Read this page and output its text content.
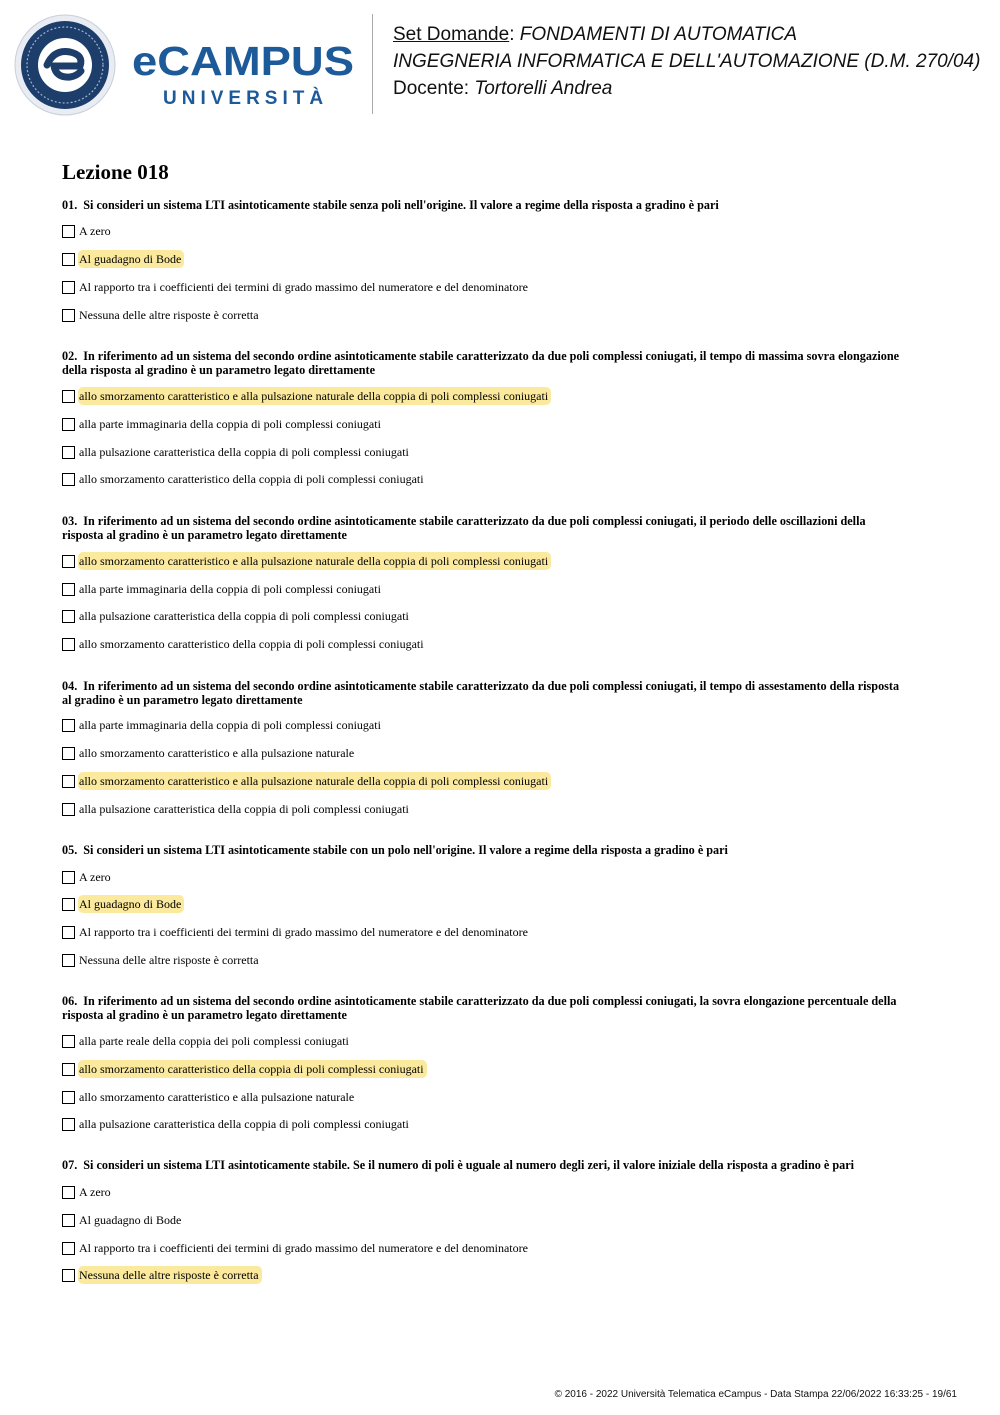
eCAMPUS
UNIVERSITÀ
Set Domande: FONDAMENTI DI AUTOMATICA
INGEGNERIA INFORMATICA E DELL'AUTOMAZIONE (D.M. 270/04)
Docente: Tortorelli Andrea
Lezione 018

01. Si consideri un sistema LTI asintoticamente stabile senza poli nell'origine. Il valore a regime della risposta a gradino è pari

A zero
Al guadagno di Bode
Al rapporto tra i coefficienti dei termini di grado massimo del numeratore e del denominatore
Nessuna delle altre risposte è corretta

02. In riferimento ad un sistema del secondo ordine asintoticamente stabile caratterizzato da due poli complessi coniugati, il tempo di massima sovra elongazione
della risposta al gradino è un parametro legato direttamente

allo smorzamento caratteristico e alla pulsazione naturale della coppia di poli complessi coniugati
alla parte immaginaria della coppia di poli complessi coniugati
alla pulsazione caratteristica della coppia di poli complessi coniugati
allo smorzamento caratteristico della coppia di poli complessi coniugati

03. In riferimento ad un sistema del secondo ordine asintoticamente stabile caratterizzato da due poli complessi coniugati, il periodo delle oscillazioni della
risposta al gradino è un parametro legato direttamente

allo smorzamento caratteristico e alla pulsazione naturale della coppia di poli complessi coniugati
alla parte immaginaria della coppia di poli complessi coniugati
alla pulsazione caratteristica della coppia di poli complessi coniugati
allo smorzamento caratteristico della coppia di poli complessi coniugati

04. In riferimento ad un sistema del secondo ordine asintoticamente stabile caratterizzato da due poli complessi coniugati, il tempo di assestamento della risposta
al gradino è un parametro legato direttamente

alla parte immaginaria della coppia di poli complessi coniugati
allo smorzamento caratteristico e alla pulsazione naturale
allo smorzamento caratteristico e alla pulsazione naturale della coppia di poli complessi coniugati
alla pulsazione caratteristica della coppia di poli complessi coniugati

05. Si consideri un sistema LTI asintoticamente stabile con un polo nell'origine. Il valore a regime della risposta a gradino è pari

A zero
Al guadagno di Bode
Al rapporto tra i coefficienti dei termini di grado massimo del numeratore e del denominatore
Nessuna delle altre risposte è corretta

06. In riferimento ad un sistema del secondo ordine asintoticamente stabile caratterizzato da due poli complessi coniugati, la sovra elongazione percentuale della
risposta al gradino è un parametro legato direttamente

alla parte reale della coppia dei poli complessi coniugati
allo smorzamento caratteristico della coppia di poli complessi coniugati
allo smorzamento caratteristico e alla pulsazione naturale
alla pulsazione caratteristica della coppia di poli complessi coniugati

07. Si consideri un sistema LTI asintoticamente stabile. Se il numero di poli è uguale al numero degli zeri, il valore iniziale della risposta a gradino è pari

A zero
Al guadagno di Bode
Al rapporto tra i coefficienti dei termini di grado massimo del numeratore e del denominatore
Nessuna delle altre risposte è corretta
© 2016 - 2022 Università Telematica eCampus - Data Stampa 22/06/2022 16:33:25 - 19/61
